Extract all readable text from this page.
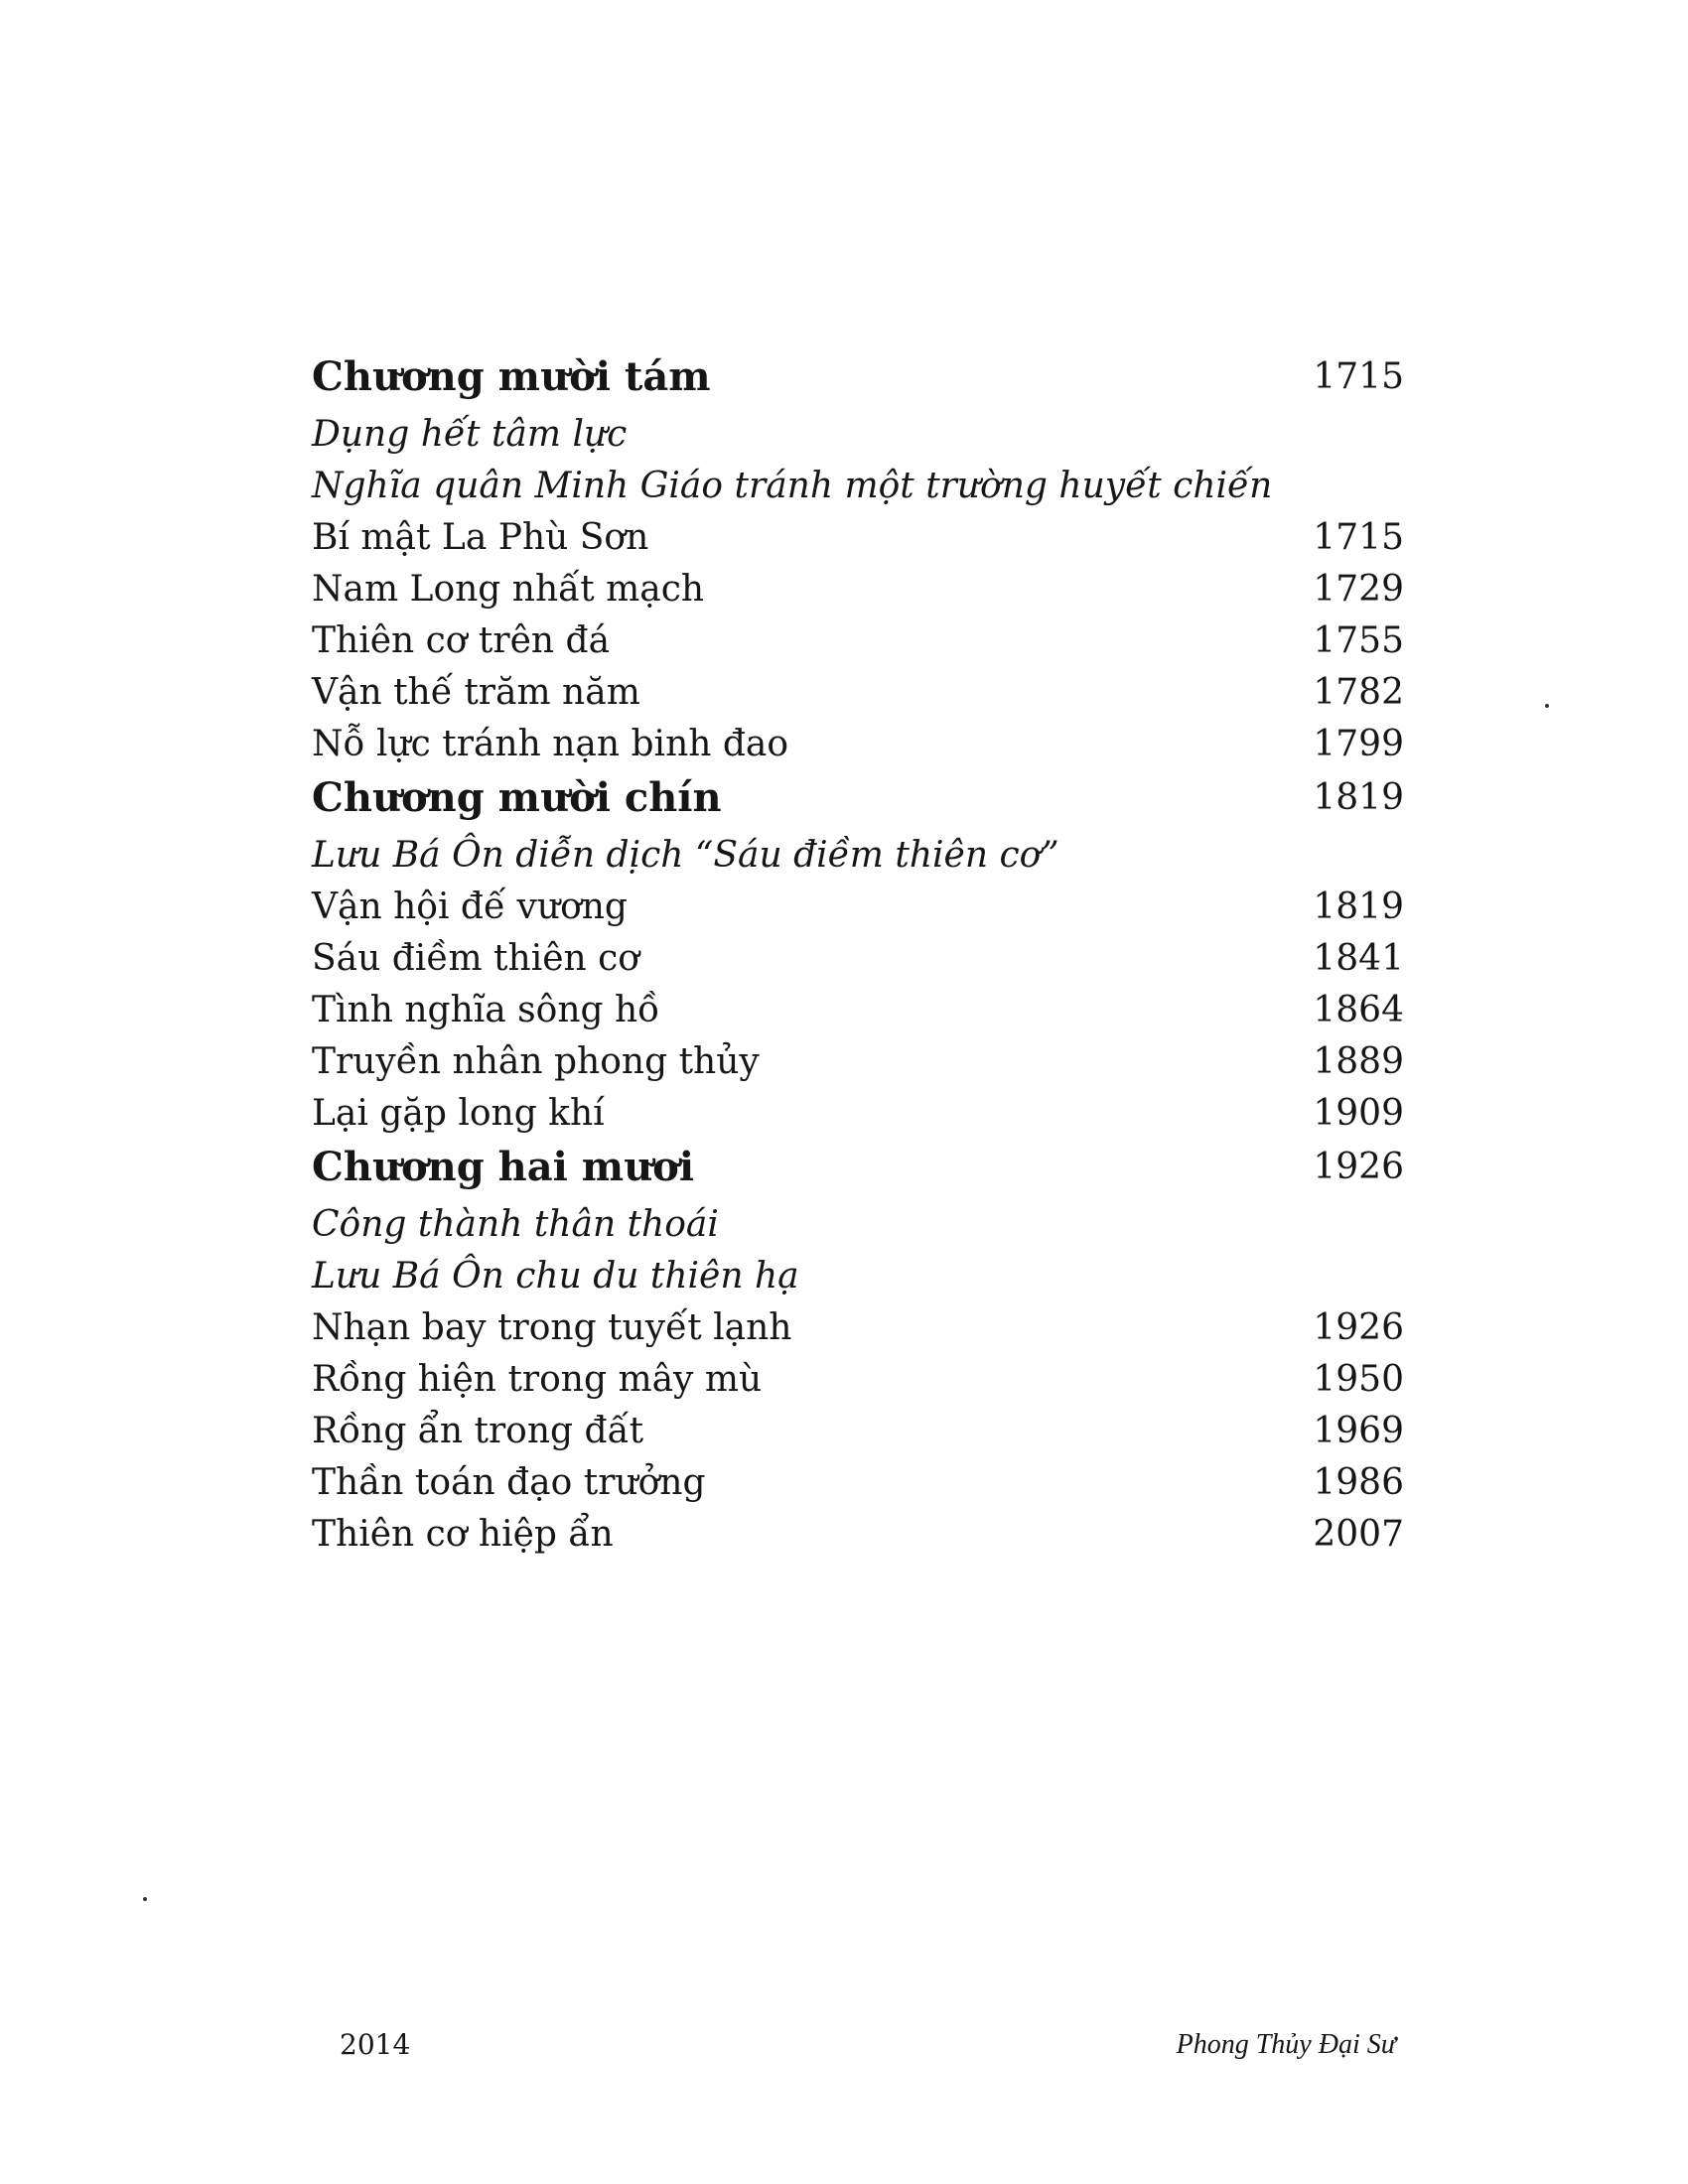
Chương mười tám	1715
Dụng hết tâm lực
Nghĩa quân Minh Giáo tránh một trường huyết chiến
Bí mật La Phù Sơn	1715
Nam Long nhất mạch	1729
Thiên cơ trên đá	1755
Vận thế trăm năm	1782
Nỗ lực tránh nạn binh đao	1799
Chương mười chín	1819
Lưu Bá Ôn diễn dịch “Sáu điềm thiên cơ”
Vận hội đế vương	1819
Sáu điềm thiên cơ	1841
Tình nghĩa sông hồ	1864
Truyền nhân phong thủy	1889
Lại gặp long khí	1909
Chương hai mươi	1926
Công thành thân thoái
Lưu Bá Ôn chu du thiên hạ
Nhạn bay trong tuyết lạnh	1926
Rồng hiện trong mây mù	1950
Rồng ẩn trong đất	1969
Thần toán đạo trưởng	1986
Thiên cơ hiệp ẩn	2007
2014	Phong Thủy Đại Sư
